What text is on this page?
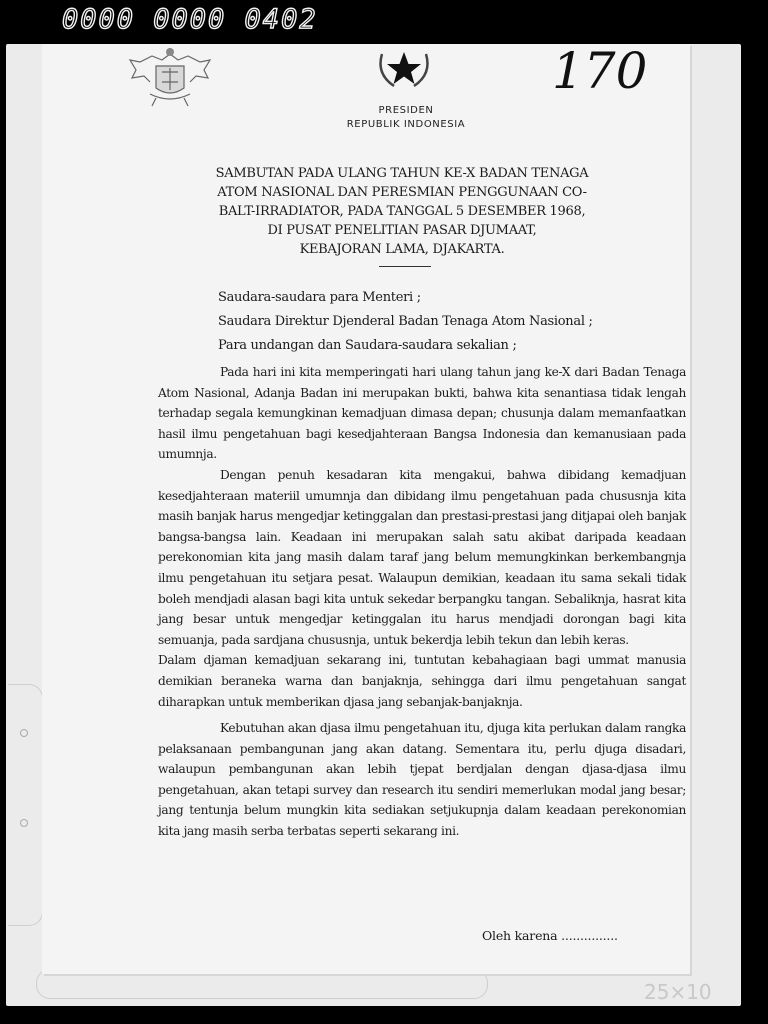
0000 0000 0402
25×10
170
PRESIDEN
REPUBLIK INDONESIA
SAMBUTAN PADA ULANG TAHUN KE-X BADAN TENAGA
ATOM NASIONAL DAN PERESMIAN PENGGUNAAN CO-
BALT-IRRADIATOR, PADA TANGGAL 5 DESEMBER 1968,
DI PUSAT PENELITIAN PASAR DJUMAAT,
KEBAJORAN LAMA, DJAKARTA.
Saudara-saudara para Menteri ;
Saudara Direktur Djenderal Badan Tenaga Atom Nasional ;
Para undangan dan Saudara-saudara sekalian ;

Pada hari ini kita memperingati hari ulang tahun jang ke-X dari Badan Tenaga Atom Nasional, Adanja Badan ini merupakan bukti, bahwa kita senantiasa tidak lengah terhadap segala kemungkinan kemadjuan dimasa depan; chusunja dalam memanfaatkan hasil ilmu pengetahuan bagi kesedjahteraan Bangsa Indonesia dan kemanusiaan pada umumnja.

Dengan penuh kesadaran kita mengakui, bahwa dibidang kemadjuan kesedjahteraan materiil umumnja dan dibidang ilmu pengetahuan pada chususnja kita masih banjak harus mengedjar ketinggalan dan prestasi-prestasi jang ditjapai oleh banjak bangsa-bangsa lain. Keadaan ini merupakan salah satu akibat daripada keadaan perekonomian kita jang masih dalam taraf jang belum memungkinkan berkembangnja ilmu pengetahuan itu setjara pesat. Walaupun demikian, keadaan itu sama sekali tidak boleh mendjadi alasan bagi kita untuk sekedar berpangku tangan. Sebaliknja, hasrat kita jang besar untuk mengedjar ketinggalan itu harus mendjadi dorongan bagi kita semuanja, pada sardjana chususnja, untuk bekerdja lebih tekun dan lebih keras.

Dalam djaman kemadjuan sekarang ini, tuntutan kebahagiaan bagi ummat manusia demikian beraneka warna dan banjaknja, sehingga dari ilmu pengetahuan sangat diharapkan untuk memberikan djasa jang sebanjak-banjaknja.

Kebutuhan akan djasa ilmu pengetahuan itu, djuga kita perlukan dalam rangka pelaksanaan pembangunan jang akan datang. Sementara itu, perlu djuga disadari, walaupun pembangunan akan lebih tjepat berdjalan dengan djasa-djasa ilmu pengetahuan, akan tetapi survey dan research itu sendiri memerlukan modal jang besar; jang tentunja belum mungkin kita sediakan setjukupnja dalam keadaan perekonomian kita jang masih serba terbatas seperti sekarang ini.

Oleh karena ...............
